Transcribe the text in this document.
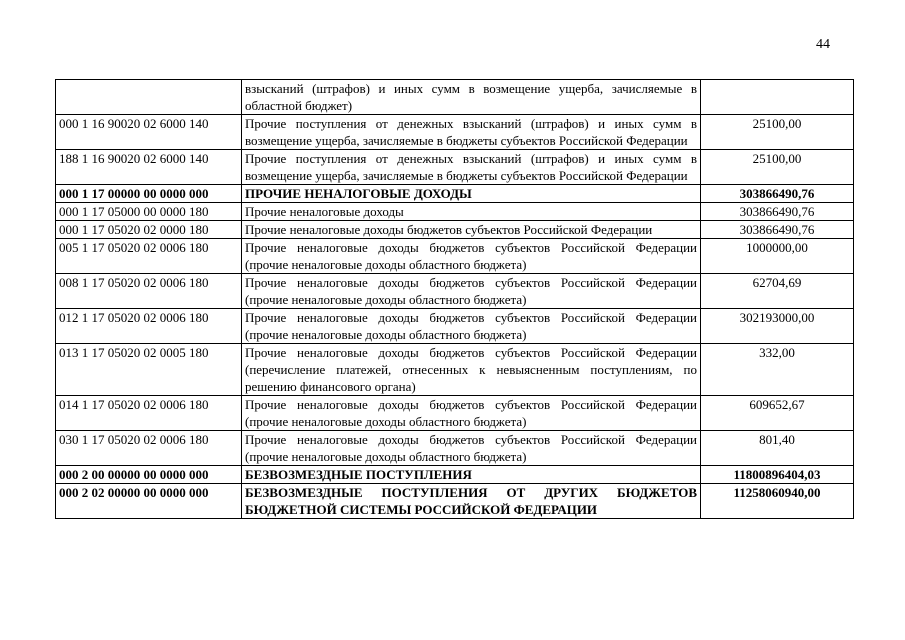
44
	взысканий (штрафов) и иных сумм в возмещение ущерба, зачисляемые в областной бюджет)	
000 1 16 90020 02 6000 140	Прочие поступления от денежных взысканий (штрафов) и иных сумм в возмещение ущерба, зачисляемые в бюджеты субъектов Российской Федерации	25100,00
188 1 16 90020 02 6000 140	Прочие поступления от денежных взысканий (штрафов) и иных сумм в возмещение ущерба, зачисляемые в бюджеты субъектов Российской Федерации	25100,00
000 1 17 00000 00 0000 000	ПРОЧИЕ НЕНАЛОГОВЫЕ ДОХОДЫ	303866490,76
000 1 17 05000 00 0000 180	Прочие неналоговые доходы	303866490,76
000 1 17 05020 02 0000 180	Прочие неналоговые доходы бюджетов субъектов Российской Федерации	303866490,76
005 1 17 05020 02 0006 180	Прочие неналоговые доходы бюджетов субъектов Российской Федерации (прочие неналоговые доходы областного бюджета)	1000000,00
008 1 17 05020 02 0006 180	Прочие неналоговые доходы бюджетов субъектов Российской Федерации (прочие неналоговые доходы областного бюджета)	62704,69
012 1 17 05020 02 0006 180	Прочие неналоговые доходы бюджетов субъектов Российской Федерации (прочие неналоговые доходы областного бюджета)	302193000,00
013 1 17 05020 02 0005 180	Прочие неналоговые доходы бюджетов субъектов Российской Федерации (перечисление платежей, отнесенных к невыясненным поступлениям, по решению финансового органа)	332,00
014 1 17 05020 02 0006 180	Прочие неналоговые доходы бюджетов субъектов Российской Федерации (прочие неналоговые доходы областного бюджета)	609652,67
030 1 17 05020 02 0006 180	Прочие неналоговые доходы бюджетов субъектов Российской Федерации (прочие неналоговые доходы областного бюджета)	801,40
000 2 00 00000 00 0000 000	БЕЗВОЗМЕЗДНЫЕ ПОСТУПЛЕНИЯ	11800896404,03
000 2 02 00000 00 0000 000	БЕЗВОЗМЕЗДНЫЕ ПОСТУПЛЕНИЯ ОТ ДРУГИХ БЮДЖЕТОВ БЮДЖЕТНОЙ СИСТЕМЫ РОССИЙСКОЙ ФЕДЕРАЦИИ	11258060940,00
